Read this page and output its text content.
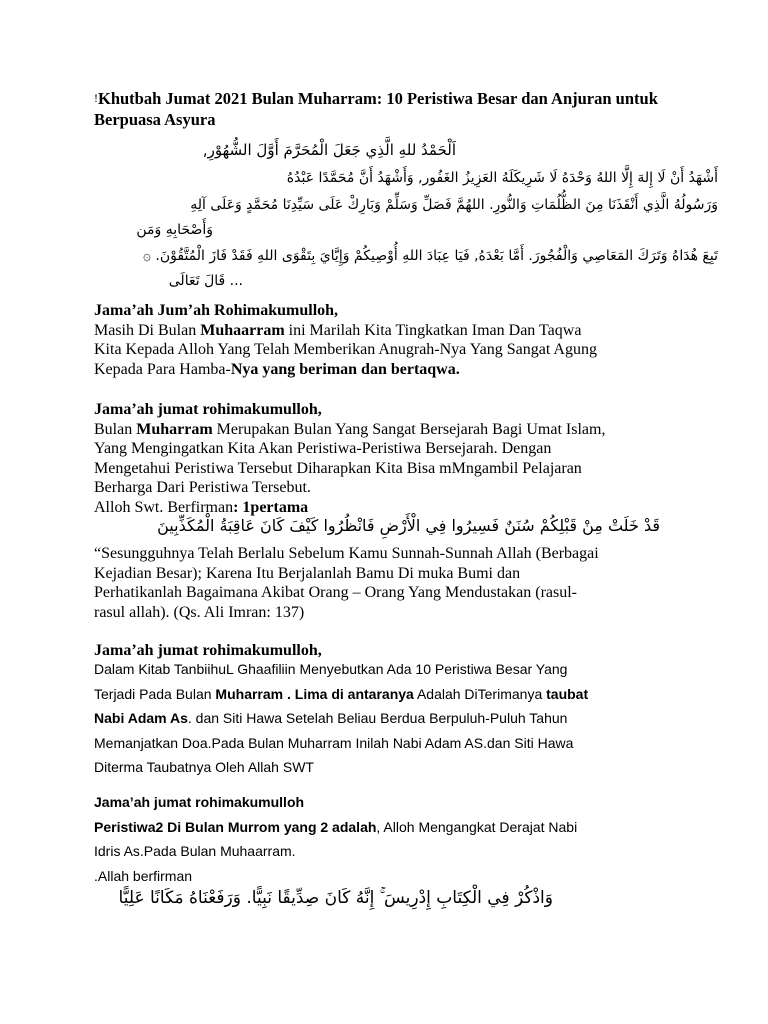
!Khutbah Jumat 2021 Bulan Muharram: 10 Peristiwa Besar dan Anjuran untuk Berpuasa Asyura
اَلْحَمْدُ للهِ الَّذِي جَعَلَ الْمُحَرَّمَ أَوَّلَ الشُّهُوْرِ,
أَشْهَدُ أَنْ لَا إِلهَ إِلَّا اللهُ وَحْدَهُ لَا شَرِيكَلَهُ العَزِيزُ الغَفُور, وَأَشْهَدُ أَنَّ مُحَمَّدًا عَبْدُهُ
وَرَسُولُهُ الَّذِي أَنْقَذَنَا مِنَ الظُّلُمَاتِ وَالنُّورِ. اللهُمَّ فَصَلِّ وَسَلِّمْ وَبَارِكْ عَلَى سَيِّدِنَا مُحَمَّدٍ وَعَلَى آلِهِ
وَأَصْحَابِهِ وَمَن
تَبِعَ هُدَاهُ وَتَرَكَ المَعَاصِي وَالْفُجُورَ. أَمَّا بَعْدَهُ, فَيَا عِبَادَ اللهِ أُوْصِيكُمْ وَإِيَّايَ بِتَقْوَى اللهِ فَقَدْ فَازَ الْمُتَّقُوْنَ. ۞
... قَالَ تَعَالَى

Jama’ah Jum’ah Rohimakumulloh,

Masih Di Bulan Muhaarram ini Marilah Kita Tingkatkan Iman Dan Taqwa

Kita Kepada Alloh Yang Telah Memberikan Anugrah-Nya Yang Sangat Agung

Kepada Para Hamba-Nya yang beriman dan bertaqwa.

Jama’ah jumat rohimakumulloh,

Bulan Muharram Merupakan Bulan Yang Sangat Bersejarah Bagi Umat Islam,

Yang Mengingatkan Kita Akan Peristiwa-Peristiwa Bersejarah. Dengan

Mengetahui Peristiwa Tersebut Diharapkan Kita Bisa mMngambil Pelajaran

Berharga Dari Peristiwa Tersebut.

Alloh Swt. Berfirman: 1pertama

قَدْ خَلَتْ مِنْ قَبْلِكُمْ سُنَنٌ فَسِيرُوا فِي الْأَرْضِ فَانْظُرُوا كَيْفَ كَانَ عَاقِبَةُ الْمُكَذِّبِينَ

“Sesungguhnya Telah Berlalu Sebelum Kamu Sunnah-Sunnah Allah (Berbagai

Kejadian Besar); Karena Itu Berjalanlah Bamu Di muka Bumi dan

Perhatikanlah Bagaimana Akibat Orang – Orang Yang Mendustakan (rasul-

rasul allah). (Qs. Ali Imran: 137)

Jama’ah jumat rohimakumulloh,

Dalam Kitab TanbiihuL Ghaafiliin Menyebutkan Ada 10 Peristiwa Besar Yang

Terjadi Pada Bulan Muharram . Lima di antaranya Adalah DiTerimanya taubat

Nabi Adam As. dan Siti Hawa Setelah Beliau Berdua Berpuluh-Puluh Tahun

Memanjatkan Doa.Pada Bulan Muharram Inilah Nabi Adam AS.dan Siti Hawa

Diterma Taubatnya Oleh Allah SWT

Jama’ah jumat rohimakumulloh

Peristiwa2 Di Bulan Murrom yang 2 adalah, Alloh Mengangkat Derajat Nabi

Idris As.Pada Bulan Muhaarram.

.Allah berfirman

وَاذْكُرْ فِي الْكِتَابِ إِدْرِيسَ ۚ إِنَّهُ كَانَ صِدِّيقًا نَبِيًّا. وَرَفَعْنَاهُ مَكَانًا عَلِيًّا
